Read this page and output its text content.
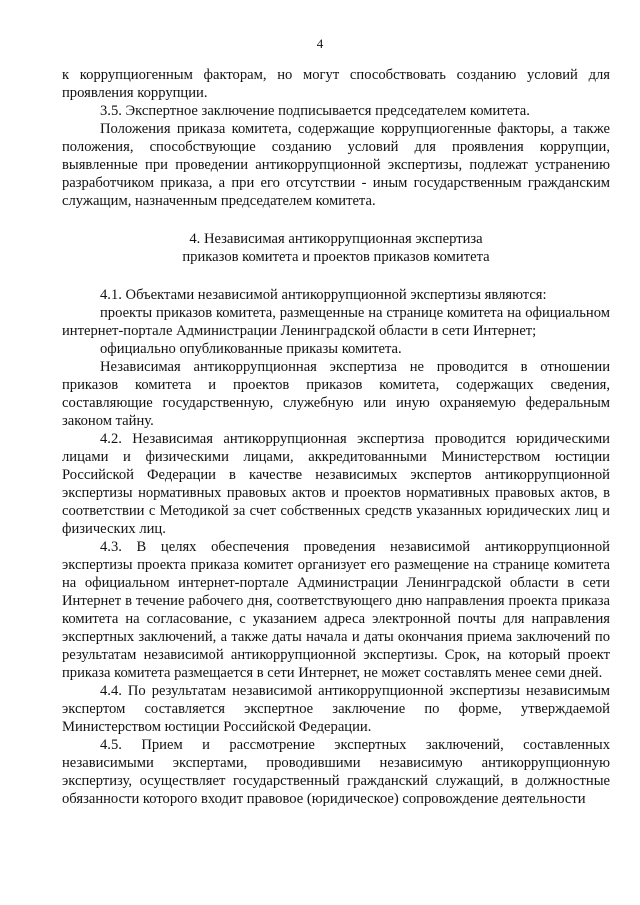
4

к коррупциогенным факторам, но могут способствовать созданию условий для проявления коррупции.

3.5. Экспертное заключение подписывается председателем комитета.

Положения приказа комитета, содержащие коррупциогенные факторы, а также положения, способствующие созданию условий для проявления коррупции, выявленные при проведении антикоррупционной экспертизы, подлежат устранению разработчиком приказа, а при его отсутствии - иным государственным гражданским служащим, назначенным председателем комитета.

4. Независимая антикоррупционная экспертиза
приказов комитета и проектов приказов комитета

4.1. Объектами независимой антикоррупционной экспертизы являются:

проекты приказов комитета, размещенные на странице комитета на официальном интернет-портале Администрации Ленинградской области в сети Интернет;

официально опубликованные приказы комитета.

Независимая антикоррупционная экспертиза не проводится в отношении приказов комитета и проектов приказов комитета, содержащих сведения, составляющие государственную, служебную или иную охраняемую федеральным законом тайну.

4.2. Независимая антикоррупционная экспертиза проводится юридическими лицами и физическими лицами, аккредитованными Министерством юстиции Российской Федерации в качестве независимых экспертов антикоррупционной экспертизы нормативных правовых актов и проектов нормативных правовых актов, в соответствии с Методикой за счет собственных средств указанных юридических лиц и физических лиц.

4.3. В целях обеспечения проведения независимой антикоррупционной экспертизы проекта приказа комитет организует его размещение на странице комитета на официальном интернет-портале Администрации Ленинградской области в сети Интернет в течение рабочего дня, соответствующего дню направления проекта приказа комитета на согласование, с указанием адреса электронной почты для направления экспертных заключений, а также даты начала и даты окончания приема заключений по результатам независимой антикоррупционной экспертизы. Срок, на который проект приказа комитета размещается в сети Интернет, не может составлять менее семи дней.

4.4. По результатам независимой антикоррупционной экспертизы независимым экспертом составляется экспертное заключение по форме, утверждаемой Министерством юстиции Российской Федерации.

4.5. Прием и рассмотрение экспертных заключений, составленных независимыми экспертами, проводившими независимую антикоррупционную экспертизу, осуществляет государственный гражданский служащий, в должностные обязанности которого входит правовое (юридическое) сопровождение деятельности
